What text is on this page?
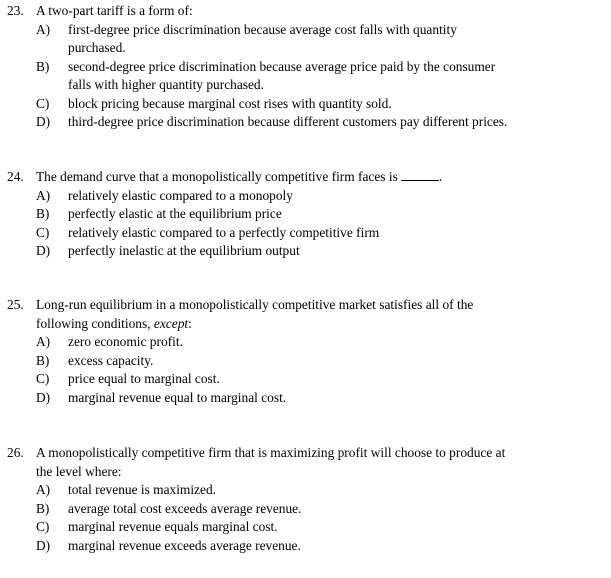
23. A two-part tariff is a form of:
A) first-degree price discrimination because average cost falls with quantity
purchased.
B) second-degree price discrimination because average price paid by the consumer
falls with higher quantity purchased.
C) block pricing because marginal cost rises with quantity sold.
D) third-degree price discrimination because different customers pay different prices.
24. The demand curve that a monopolistically competitive firm faces is	.
A) relatively elastic compared to a monopoly
B) perfectly elastic at the equilibrium price
C) relatively elastic compared to a perfectly competitive firm
D) perfectly inelastic at the equilibrium output
25. Long-run equilibrium in a monopolistically competitive market satisfies all of the
following conditions, except:
A) zero economic profit.
B) excess capacity.
C) price equal to marginal cost.
D) marginal revenue equal to marginal cost.
26. A monopolistically competitive firm that is maximizing profit will choose to produce at
the level where:
A) total revenue is maximized.
B) average total cost exceeds average revenue.
C) marginal revenue equals marginal cost.
D) marginal revenue exceeds average revenue.
